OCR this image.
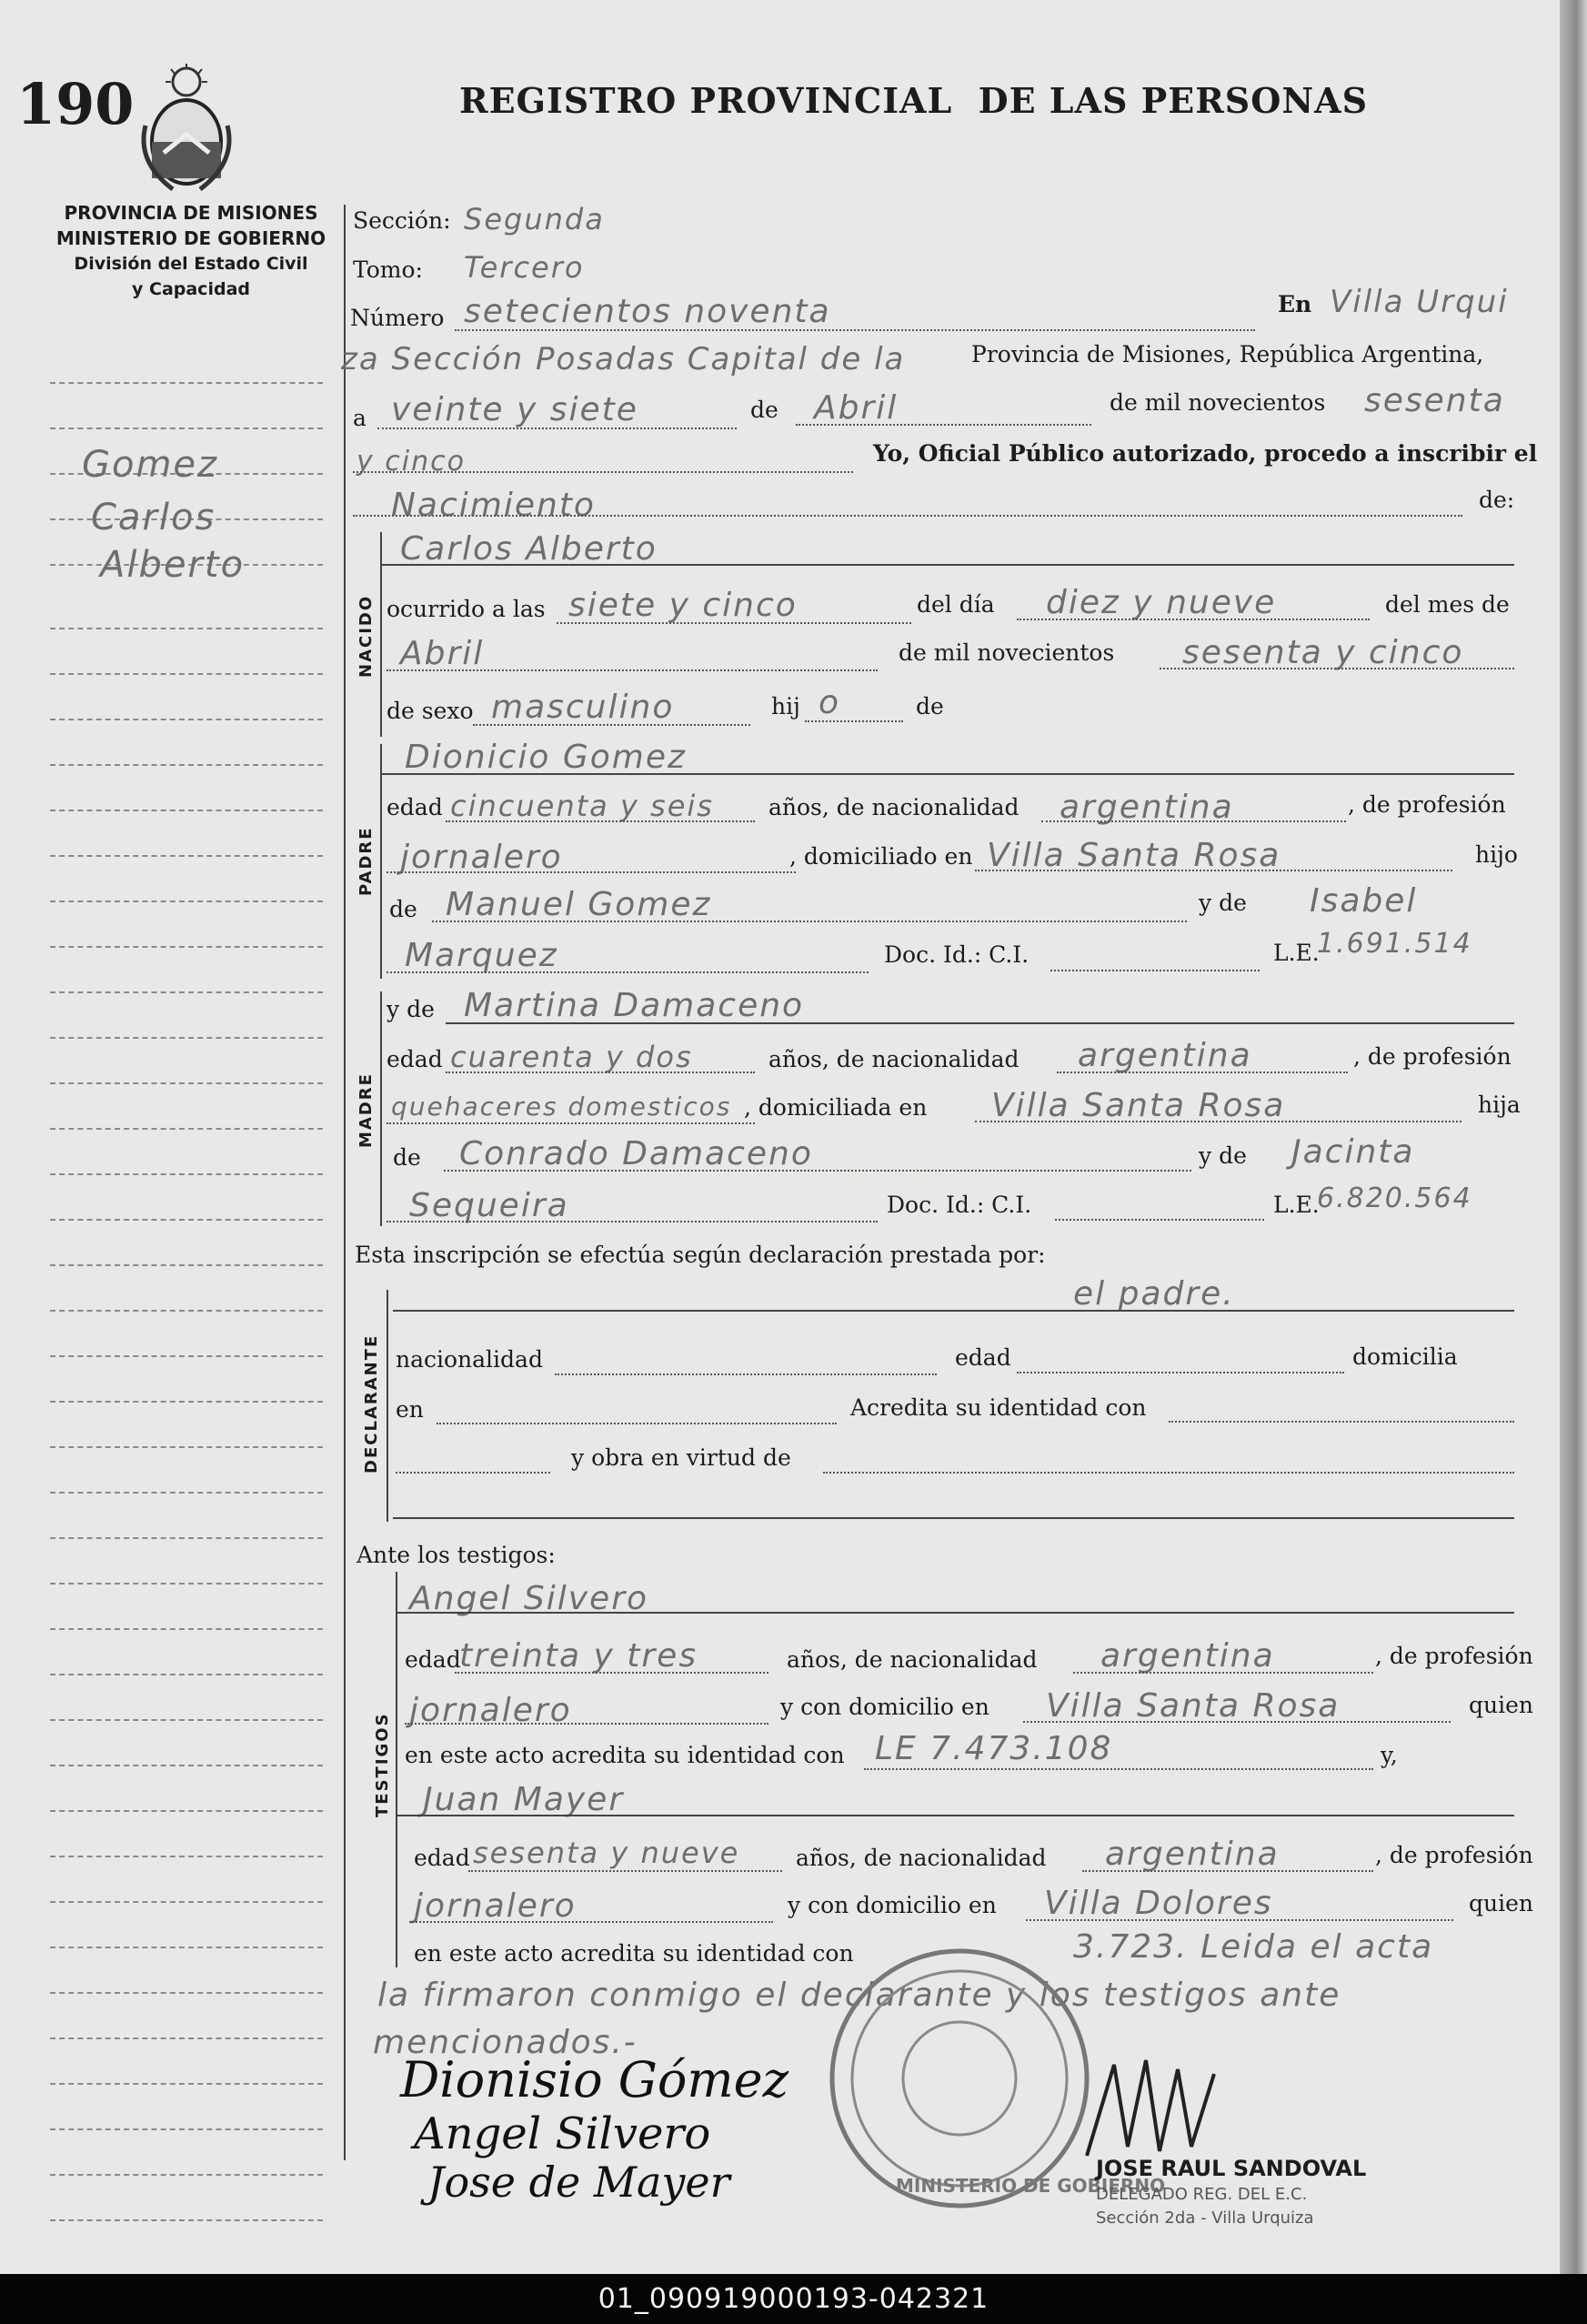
190	REGISTRO PROVINCIAL  DE LAS PERSONAS
PROVINCIA DE MISIONES
MINISTERIO DE GOBIERNO
División del Estado Civil
y Capacidad
Gomez
Carlos
Alberto
Sección: Segunda
Tomo: Tercero
Número setecientos noventa	En Villa Urqui
za Sección Posadas Capital de la	Provincia de Misiones, República Argentina,
a veinte y siete	de Abril	de mil novecientos sesenta
y cinco	Yo, Oficial Público autorizado, procedo a inscribir el
Nacimiento	de:
NACIDO
Carlos Alberto
ocurrido a las siete y cinco	del día diez y nueve	del mes de
Abril	de mil novecientos sesenta y cinco
de sexo masculino	hij o	de
PADRE
Dionicio Gomez
edad cincuenta y seis años, de nacionalidad argentina	, de profesión
jornalero	, domiciliado en Villa Santa Rosa	hijo
de Manuel Gomez	y de Isabel
Marquez	Doc. Id.: C.I.	L.E.
1.691.514
MADRE
y de Martina Damaceno
edad cuarenta y dos	años, de nacionalidad argentina	, de profesión
quehaceres domesticos , domiciliada en Villa Santa Rosa	hija
de Conrado Damaceno	y de Jacinta
Sequeira	Doc. Id.: C.I.	L.E.
6.820.564
Esta inscripción se efectúa según declaración prestada por:
el padre.
DECLARANTE nacionalidad	edad	domicilia
en	Acredita su identidad con
y obra en virtud de
Ante los testigos:
TESTIGOS
Angel Silvero
edad
treinta y tres	años, de nacionalidad argentina	, de profesión
jornalero	y con domicilio en Villa Santa Rosa	quien
en este acto acredita su identidad con LE 7.473.108	y,
Juan Mayer
edad sesenta y nueve años, de nacionalidad argentina	, de profesión
jornalero	y con domicilio en Villa Dolores	quien
en este acto acredita su identidad con	3.723. Leida el acta
la firmaron conmigo el declarante y los testigos ante
mencionados.-
MINISTERIO DE GOBIERNO
Dionisio Gómez
Angel Silvero
Jose de Mayer	JOSE RAUL SANDOVAL
DELEGADO REG. DEL E.C.
Sección 2da - Villa Urquiza
01_090919000193-042321
